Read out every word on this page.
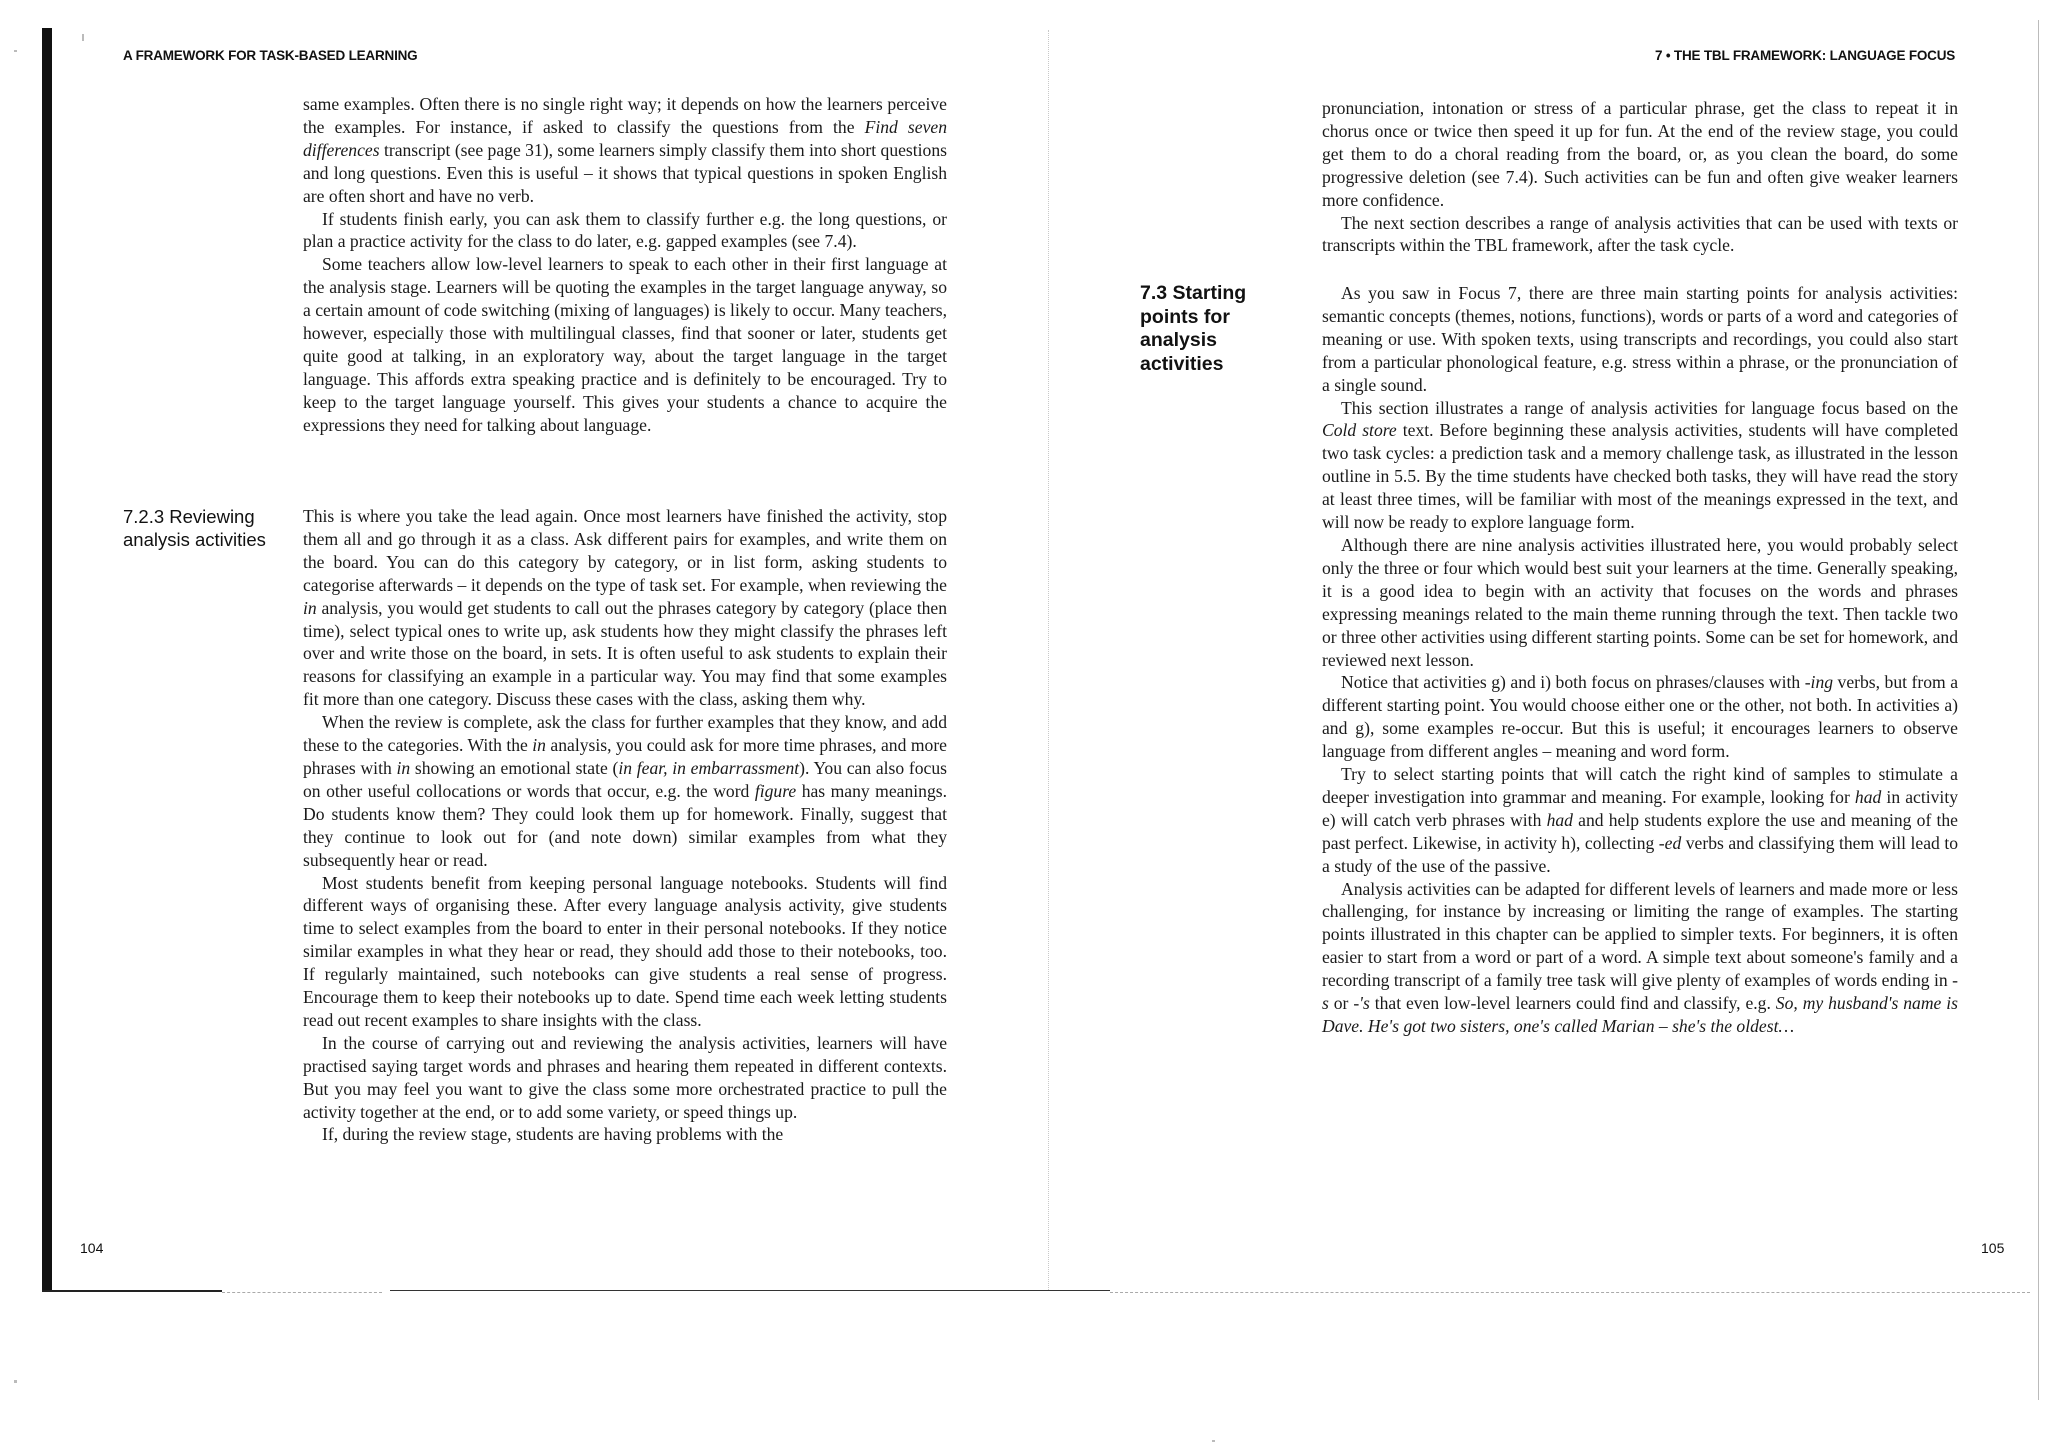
A FRAMEWORK FOR TASK-BASED LEARNING
7.2.3 Reviewing analysis activities

same examples. Often there is no single right way; it depends on how the learners perceive the examples. For instance, if asked to classify the questions from the Find seven differences transcript (see page 31), some learners simply classify them into short questions and long questions. Even this is useful – it shows that typical questions in spoken English are often short and have no verb.

If students finish early, you can ask them to classify further e.g. the long questions, or plan a practice activity for the class to do later, e.g. gapped examples (see 7.4).

Some teachers allow low-level learners to speak to each other in their first language at the analysis stage. Learners will be quoting the examples in the target language anyway, so a certain amount of code switching (mixing of languages) is likely to occur. Many teachers, however, especially those with multilingual classes, find that sooner or later, students get quite good at talking, in an exploratory way, about the target language in the target language. This affords extra speaking practice and is definitely to be encouraged. Try to keep to the target language yourself. This gives your students a chance to acquire the expressions they need for talking about language.

This is where you take the lead again. Once most learners have finished the activity, stop them all and go through it as a class. Ask different pairs for examples, and write them on the board. You can do this category by category, or in list form, asking students to categorise afterwards – it depends on the type of task set. For example, when reviewing the in analysis, you would get students to call out the phrases category by category (place then time), select typical ones to write up, ask students how they might classify the phrases left over and write those on the board, in sets. It is often useful to ask students to explain their reasons for classifying an example in a particular way. You may find that some examples fit more than one category. Discuss these cases with the class, asking them why.

When the review is complete, ask the class for further examples that they know, and add these to the categories. With the in analysis, you could ask for more time phrases, and more phrases with in showing an emotional state (in fear, in embarrassment). You can also focus on other useful collocations or words that occur, e.g. the word figure has many meanings. Do students know them? They could look them up for homework. Finally, suggest that they continue to look out for (and note down) similar examples from what they subsequently hear or read.

Most students benefit from keeping personal language notebooks. Students will find different ways of organising these. After every language analysis activity, give students time to select examples from the board to enter in their personal notebooks. If they notice similar examples in what they hear or read, they should add those to their notebooks, too. If regularly maintained, such notebooks can give students a real sense of progress. Encourage them to keep their notebooks up to date. Spend time each week letting students read out recent examples to share insights with the class.

In the course of carrying out and reviewing the analysis activities, learners will have practised saying target words and phrases and hearing them repeated in different contexts. But you may feel you want to give the class some more orchestrated practice to pull the activity together at the end, or to add some variety, or speed things up.

If, during the review stage, students are having problems with the

104
7 • THE TBL FRAMEWORK: LANGUAGE FOCUS
7.3 Starting points for analysis activities

pronunciation, intonation or stress of a particular phrase, get the class to repeat it in chorus once or twice then speed it up for fun. At the end of the review stage, you could get them to do a choral reading from the board, or, as you clean the board, do some progressive deletion (see 7.4). Such activities can be fun and often give weaker learners more confidence.

The next section describes a range of analysis activities that can be used with texts or transcripts within the TBL framework, after the task cycle.

As you saw in Focus 7, there are three main starting points for analysis activities: semantic concepts (themes, notions, functions), words or parts of a word and categories of meaning or use. With spoken texts, using transcripts and recordings, you could also start from a particular phonological feature, e.g. stress within a phrase, or the pronunciation of a single sound.

This section illustrates a range of analysis activities for language focus based on the Cold store text. Before beginning these analysis activities, students will have completed two task cycles: a prediction task and a memory challenge task, as illustrated in the lesson outline in 5.5. By the time students have checked both tasks, they will have read the story at least three times, will be familiar with most of the meanings expressed in the text, and will now be ready to explore language form.

Although there are nine analysis activities illustrated here, you would probably select only the three or four which would best suit your learners at the time. Generally speaking, it is a good idea to begin with an activity that focuses on the words and phrases expressing meanings related to the main theme running through the text. Then tackle two or three other activities using different starting points. Some can be set for homework, and reviewed next lesson.

Notice that activities g) and i) both focus on phrases/clauses with -ing verbs, but from a different starting point. You would choose either one or the other, not both. In activities a) and g), some examples re-occur. But this is useful; it encourages learners to observe language from different angles – meaning and word form.

Try to select starting points that will catch the right kind of samples to stimulate a deeper investigation into grammar and meaning. For example, looking for had in activity e) will catch verb phrases with had and help students explore the use and meaning of the past perfect. Likewise, in activity h), collecting -ed verbs and classifying them will lead to a study of the use of the passive.

Analysis activities can be adapted for different levels of learners and made more or less challenging, for instance by increasing or limiting the range of examples. The starting points illustrated in this chapter can be applied to simpler texts. For beginners, it is often easier to start from a word or part of a word. A simple text about someone's family and a recording transcript of a family tree task will give plenty of examples of words ending in -s or -'s that even low-level learners could find and classify, e.g. So, my husband's name is Dave. He's got two sisters, one's called Marian – she's the oldest…

105
